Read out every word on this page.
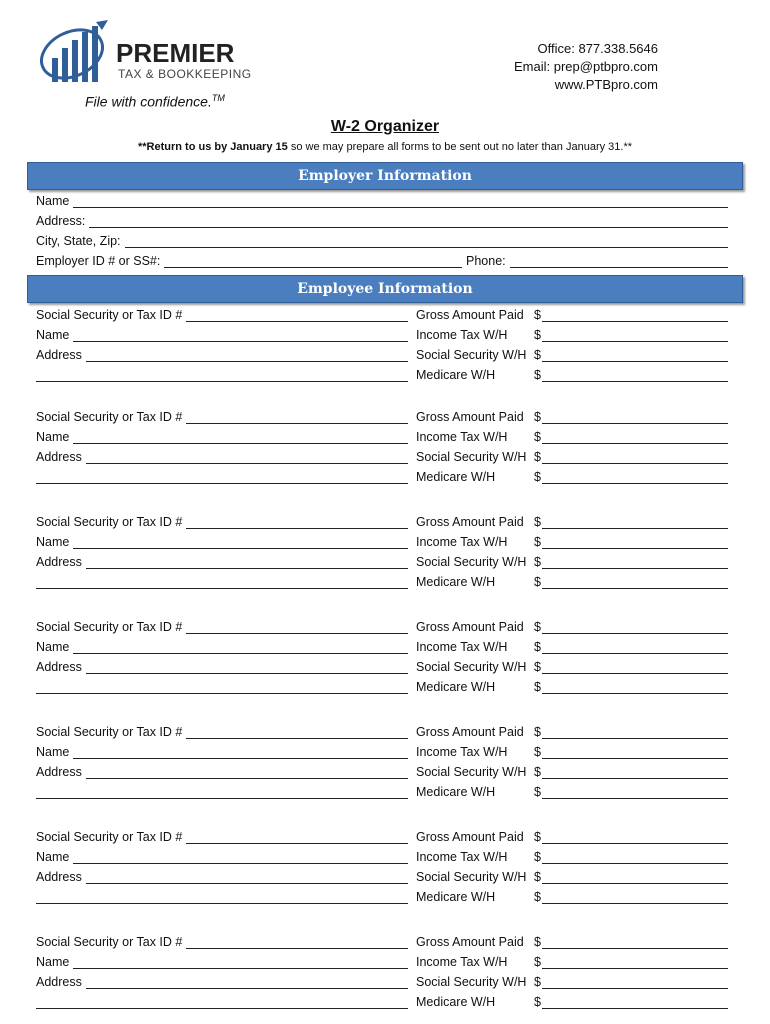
PREMIER
TAX & BOOKKEEPING
File with confidence.™
Office: 877.338.5646
Email: prep@ptbpro.com
www.PTBpro.com
W-2 Organizer
**Return to us by January 15 so we may prepare all forms to be sent out no later than January 31.**
Employer Information
Name
Address:
City, State, Zip:
Employer ID # or SS#:	Phone:
Employee Information
Social Security or Tax ID #	Gross Amount Paid $
Name	Income Tax W/H	$
Address	Social Security W/H $
Medicare W/H	$
Social Security or Tax ID #	Gross Amount Paid $
Name	Income Tax W/H	$
Address	Social Security W/H $
Medicare W/H	$
Social Security or Tax ID #	Gross Amount Paid $
Name	Income Tax W/H	$
Address	Social Security W/H $
Medicare W/H	$
Social Security or Tax ID #	Gross Amount Paid $
Name	Income Tax W/H	$
Address	Social Security W/H $
Medicare W/H	$
Social Security or Tax ID #	Gross Amount Paid $
Name	Income Tax W/H	$
Address	Social Security W/H $
Medicare W/H	$
Social Security or Tax ID #	Gross Amount Paid $
Name	Income Tax W/H	$
Address	Social Security W/H $
Medicare W/H	$
Social Security or Tax ID #	Gross Amount Paid $
Name	Income Tax W/H	$
Address	Social Security W/H $
Medicare W/H	$
